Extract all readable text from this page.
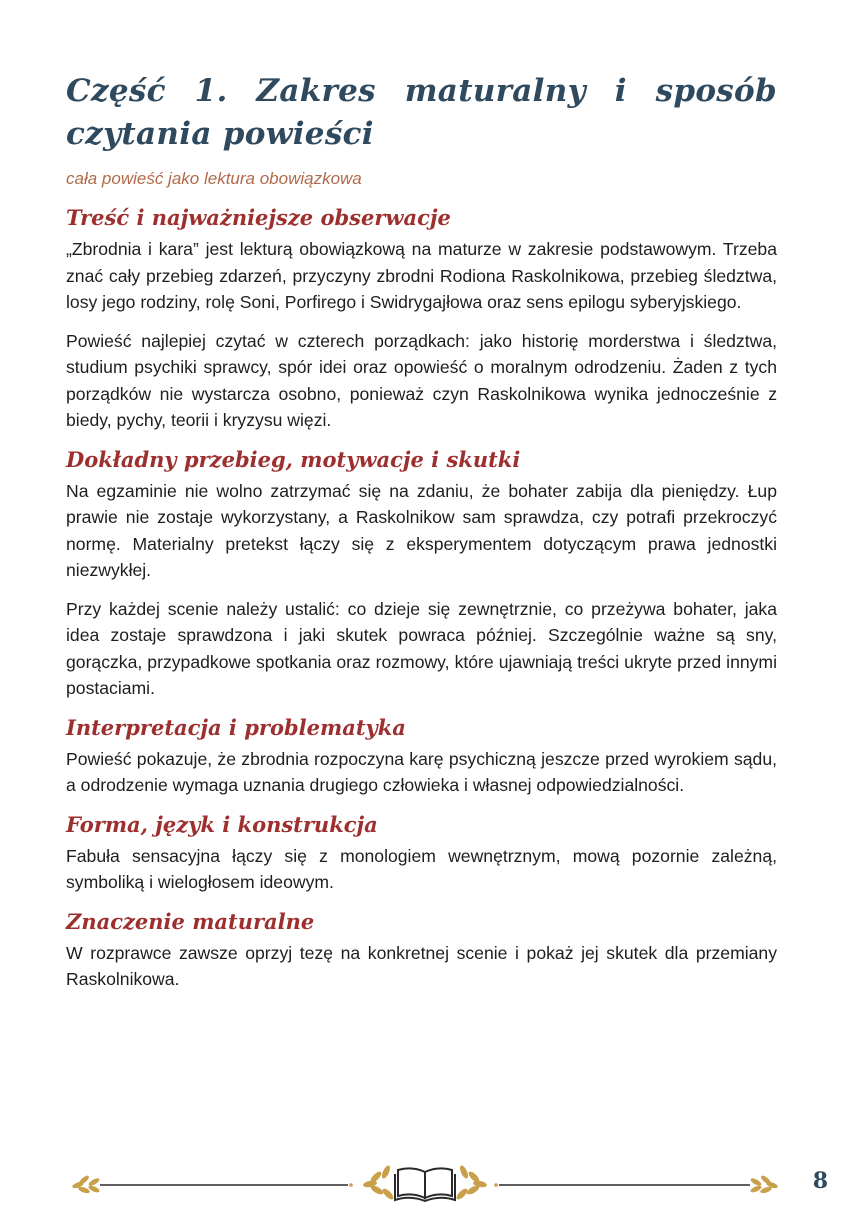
Część 1. Zakres maturalny i sposób czytania powieści
cała powieść jako lektura obowiązkowa
Treść i najważniejsze obserwacje

„Zbrodnia i kara” jest lekturą obowiązkową na maturze w zakresie podstawowym. Trzeba znać cały przebieg zdarzeń, przyczyny zbrodni Rodiona Raskolnikowa, przebieg śledztwa, losy jego rodziny, rolę Soni, Porfirego i Swidrygajłowa oraz sens epilogu syberyjskiego.

Powieść najlepiej czytać w czterech porządkach: jako historię morderstwa i śledztwa, studium psychiki sprawcy, spór idei oraz opowieść o moralnym odrodzeniu. Żaden z tych porządków nie wystarcza osobno, ponieważ czyn Raskolnikowa wynika jednocześnie z biedy, pychy, teorii i kryzysu więzi.

Dokładny przebieg, motywacje i skutki

Na egzaminie nie wolno zatrzymać się na zdaniu, że bohater zabija dla pieniędzy. Łup prawie nie zostaje wykorzystany, a Raskolnikow sam sprawdza, czy potrafi przekroczyć normę. Materialny pretekst łączy się z eksperymentem dotyczącym prawa jednostki niezwykłej.

Przy każdej scenie należy ustalić: co dzieje się zewnętrznie, co przeżywa bohater, jaka idea zostaje sprawdzona i jaki skutek powraca później. Szczególnie ważne są sny, gorączka, przypadkowe spotkania oraz rozmowy, które ujawniają treści ukryte przed innymi postaciami.

Interpretacja i problematyka

Powieść pokazuje, że zbrodnia rozpoczyna karę psychiczną jeszcze przed wyrokiem sądu, a odrodzenie wymaga uznania drugiego człowieka i własnej odpowiedzialności.

Forma, język i konstrukcja

Fabuła sensacyjna łączy się z monologiem wewnętrznym, mową pozornie zależną, symboliką i wielogłosem ideowym.

Znaczenie maturalne

W rozprawce zawsze oprzyj tezę na konkretnej scenie i pokaż jej skutek dla przemiany Raskolnikowa.

8
